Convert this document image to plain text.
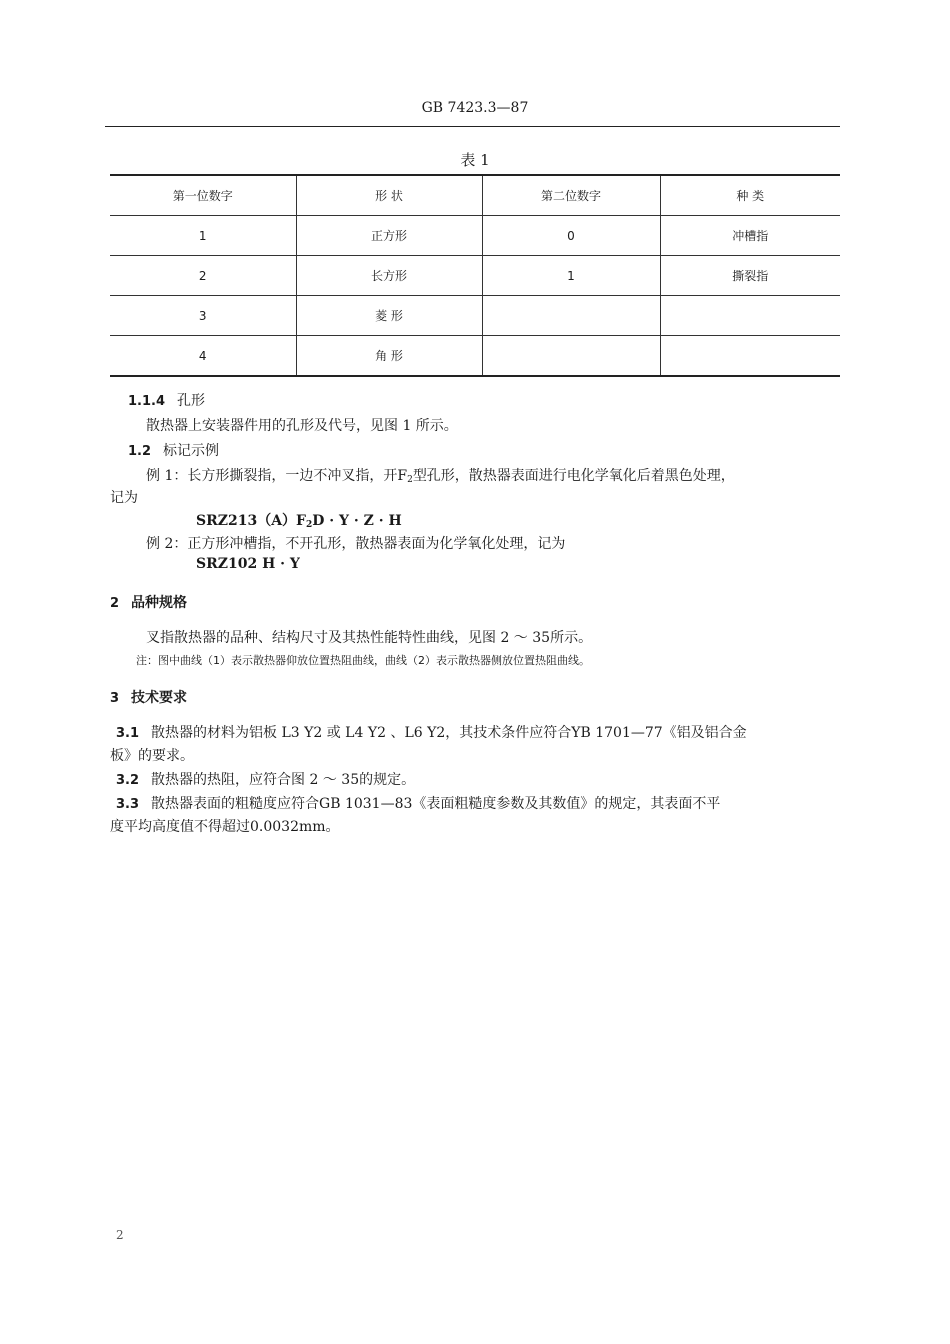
GB 7423.3—87
表 1
第一位数字	形 状	第二位数字	种 类
1	正方形	0	冲槽指
2	长方形	1	撕裂指
3	菱 形		
4	角 形		
1.1.4 孔形
散热器上安装器件用的孔形及代号，见图 1 所示。
1.2 标记示例
例 1：长方形撕裂指，一边不冲叉指，开$F_2$型孔形，散热器表面进行电化学氧化后着黑色处理，
记为
$SRZ213(A)F_2D \cdot Y \cdot Z \cdot H$
例 2：正方形冲槽指，不开孔形，散热器表面为化学氧化处理，记为
SRZ102 H · Y
2 品种规格
叉指散热器的品种、结构尺寸及其热性能特性曲线，见图 2 ～ 35所示。
注：图中曲线（1）表示散热器仰放位置热阻曲线，曲线（2）表示散热器侧放位置热阻曲线。
3 技术要求
3.1 散热器的材料为铝板 L3 Y2 或 L4 Y2 、L6 Y2，其技术条件应符合YB 1701—77《铝及铝合金
板》的要求。
3.2 散热器的热阻，应符合图 2 ～ 35的规定。
3.3 散热器表面的粗糙度应符合GB 1031—83《表面粗糙度参数及其数值》的规定，其表面不平
度平均高度值不得超过0.0032mm。
2
